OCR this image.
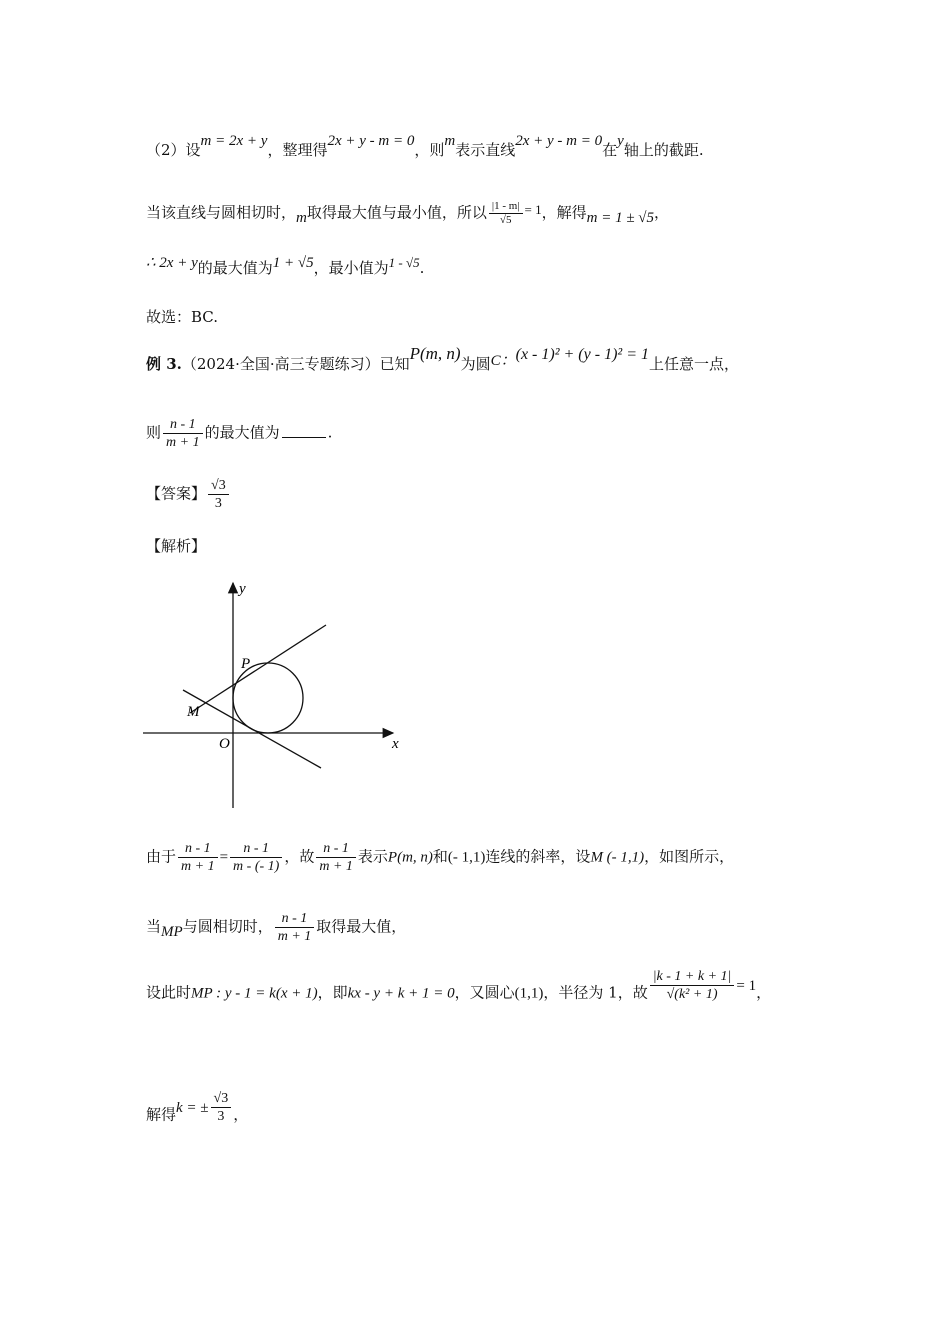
（2）设m = 2x + y，整理得2x + y - m = 0，则m表示直线2x + y - m = 0在y轴上的截距.
当该直线与圆相切时，m取得最大值与最小值，所以 $\frac{|1 - m|}{√5} = 1$，解得m = 1 ± √5，
∴ 2x + y的最大值为1 + √5，最小值为1 - √5.
故选：BC.
例 3.（2024·全国·高三专题练习）已知P(m, n)为圆C：(x - 1)² + (y - 1)² = 1上任意一点，
则 $\frac{n - 1}{m + 1}$ 的最大值为	.
【答案】 $\frac{√3}{3}$
【解析】
y
x
P
M
O
由于 $\frac{n - 1}{m + 1} = \frac{n - 1}{m - (- 1)}$ ，故 $\frac{n - 1}{m + 1}$ 表示P(m, n)和(- 1,1)连线的斜率，设M (- 1,1)，如图所示，
当MP与圆相切时， $\frac{n - 1}{m + 1}$ 取得最大值，
设此时MP : y - 1 = k(x + 1)，即kx - y + k + 1 = 0，又圆心(1,1)，半径为 1，故 $\frac{|k - 1 + k + 1|}{\text{√(k² + 1)}} = 1$，
解得k = ± $\frac{√3}{3}$ ，
